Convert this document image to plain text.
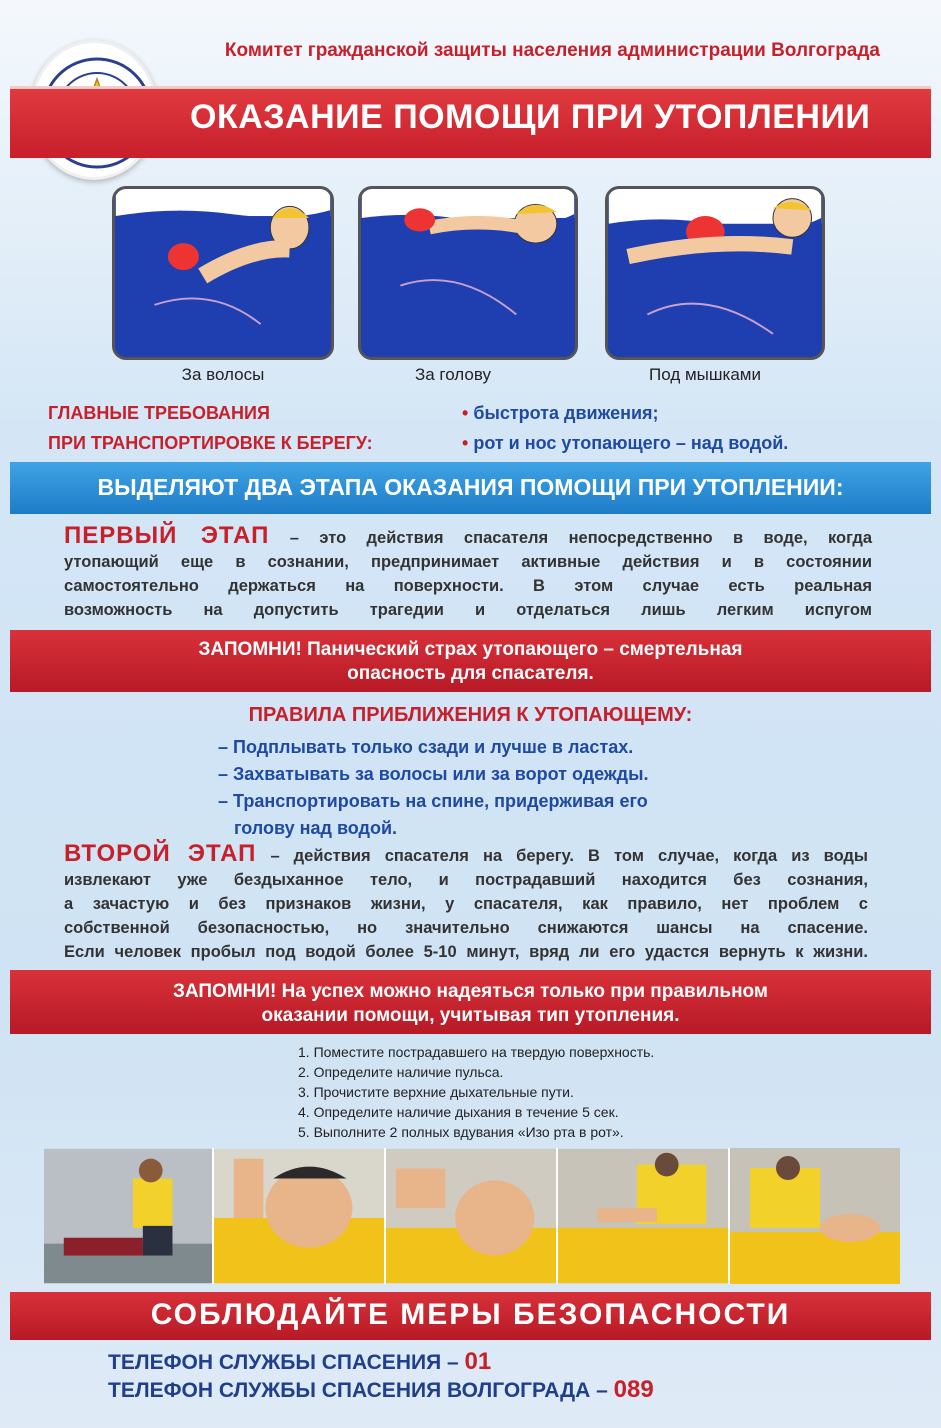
Комитет гражданской защиты населения администрации Волгограда
ОКАЗАНИЕ ПОМОЩИ ПРИ УТОПЛЕНИИ
За волосы	За голову	Под мышками
ГЛАВНЫЕ ТРЕБОВАНИЯ
ПРИ ТРАНСПОРТИРОВКЕ К БЕРЕГУ:
• быстрота движения;
• рот и нос утопающего – над водой.
ВЫДЕЛЯЮТ ДВА ЭТАПА ОКАЗАНИЯ ПОМОЩИ ПРИ УТОПЛЕНИИ:
ПЕРВЫЙ ЭТАП – это действия спасателя непосредственно в воде, когда
утопающий еще в сознании, предпринимает активные действия и в состоянии
самостоятельно держаться на поверхности. В этом случае есть реальная
возможность на допустить трагедии и отделаться лишь легким испугом
ЗАПОМНИ! Панический страх утопающего – смертельная
опасность для спасателя.
ПРАВИЛА ПРИБЛИЖЕНИЯ К УТОПАЮЩЕМУ:
– Подплывать только сзади и лучше в ластах.
– Захватывать за волосы или за ворот одежды.
– Транспортировать на спине, придерживая его
голову над водой.
ВТОРОЙ ЭТАП – действия спасателя на берегу. В том случае, когда из воды
извлекают уже бездыханное тело, и пострадавший находится без сознания,
а зачастую и без признаков жизни, у спасателя, как правило, нет проблем с
собственной безопасностью, но значительно снижаются шансы на спасение.
Если человек пробыл под водой более 5-10 минут, вряд ли его удастся вернуть к жизни.
ЗАПОМНИ! На успех можно надеяться только при правильном
оказании помощи, учитывая тип утопления.
1. Поместите пострадавшего на твердую поверхность.
2. Определите наличие пульса.
3. Прочистите верхние дыхательные пути.
4. Определите наличие дыхания в течение 5 сек.
5. Выполните 2 полных вдувания «Изо рта в рот».
СОБЛЮДАЙТЕ МЕРЫ БЕЗОПАСНОСТИ
ТЕЛЕФОН СЛУЖБЫ СПАСЕНИЯ – 01
ТЕЛЕФОН СЛУЖБЫ СПАСЕНИЯ ВОЛГОГРАДА – 089
